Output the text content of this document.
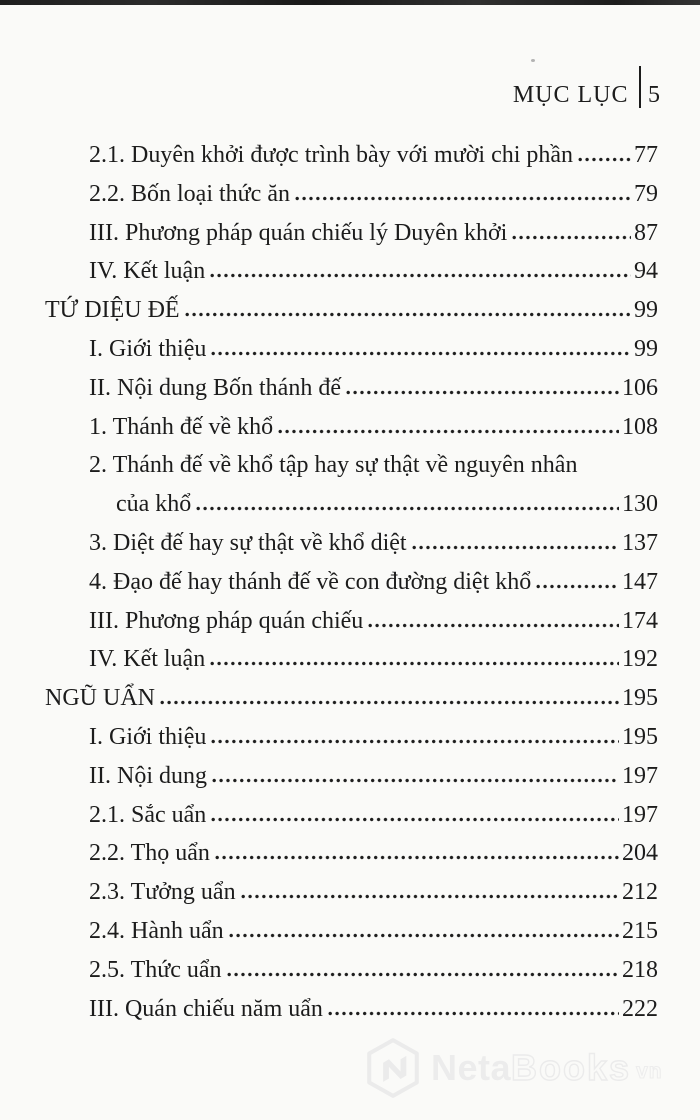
MỤC LỤC 5
2.1. Duyên khởi được trình bày với mười chi phần	77
2.2. Bốn loại thức ăn	79
III. Phương pháp quán chiếu lý Duyên khởi	87
IV. Kết luận	94
TỨ DIỆU ĐẾ	99
I. Giới thiệu	99
II. Nội dung Bốn thánh đế	106
1. Thánh đế về khổ	108
2. Thánh đế về khổ tập hay sự thật về nguyên nhân
của khổ	130
3. Diệt đế hay sự thật về khổ diệt	137
4. Đạo đế hay thánh đế về con đường diệt khổ	147
III. Phương pháp quán chiếu	174
IV. Kết luận	192
NGŨ UẨN	195
I. Giới thiệu	195
II. Nội dung	197
2.1. Sắc uẩn	197
2.2. Thọ uẩn	204
2.3. Tưởng uẩn	212
2.4. Hành uẩn	215
2.5. Thức uẩn	218
III. Quán chiếu năm uẩn	222
Neta Books vn
